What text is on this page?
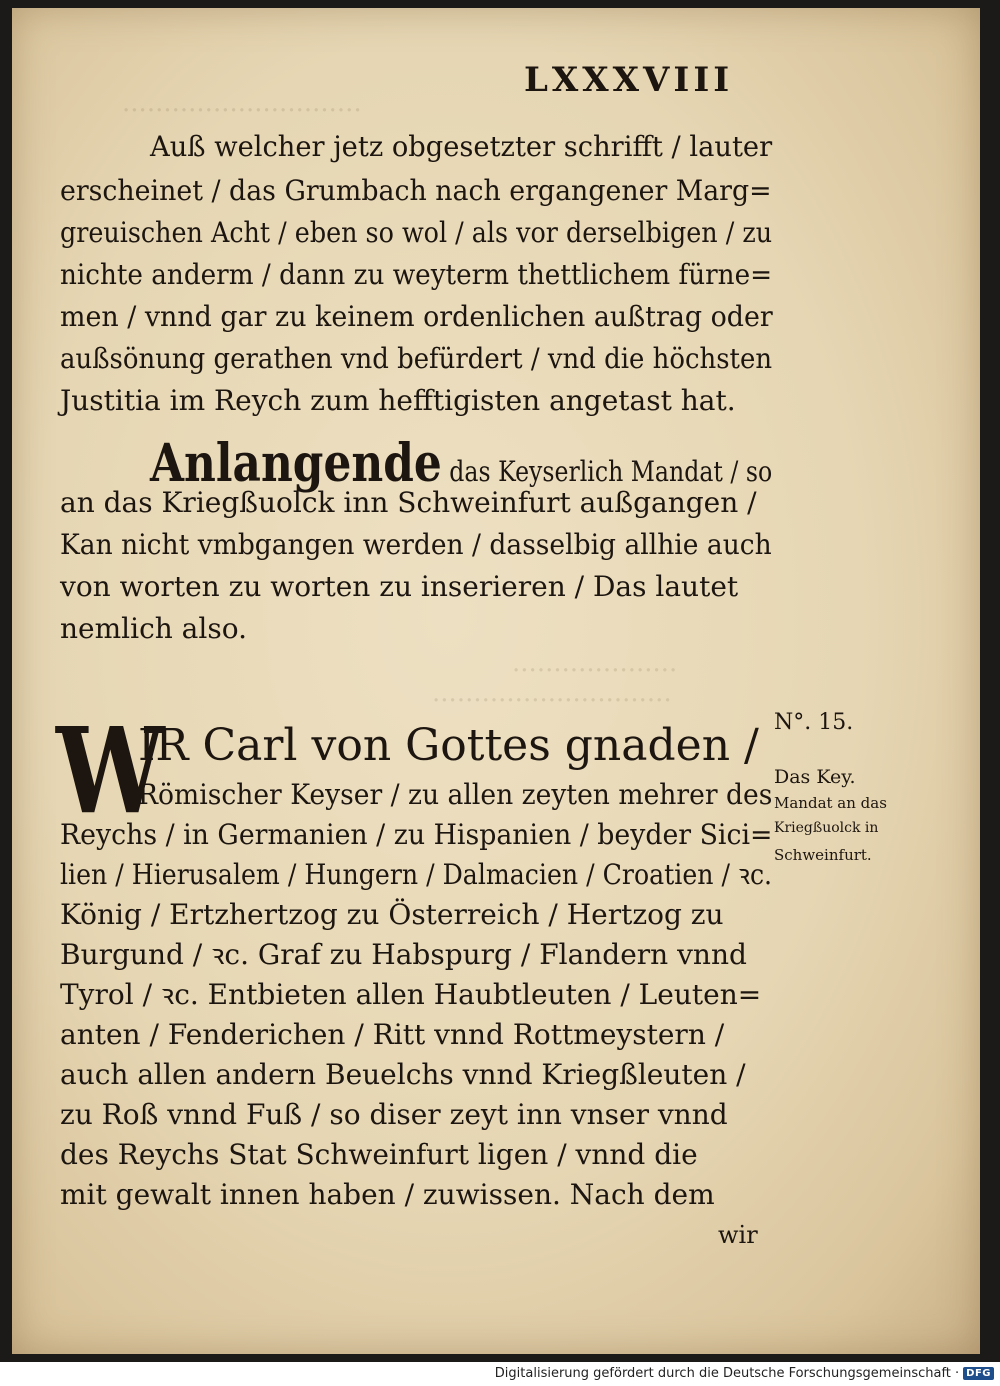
.............................
....................
.............................
LXXXVIII
Auß welcher jetz obgesetzter schrifft / lauter
erscheinet / das Grumbach nach ergangener Marg=
greuischen Acht / eben so wol / als vor derselbigen / zu
nichte anderm / dann zu weyterm thettlichem fürne=
men / vnnd gar zu keinem ordenlichen außtrag oder
außsönung gerathen vnd befürdert / vnd die höchsten
Justitia im Reych zum hefftigisten angetast hat.
Anlangende das Keyserlich Mandat / so
an das Kriegßuolck inn Schweinfurt außgangen /
Kan nicht vmbgangen werden / dasselbig allhie auch
von worten zu worten zu inserieren / Das lautet
nemlich also.
W
IR Carl von Gottes gnaden /
Römischer Keyser / zu allen zeyten mehrer des
Reychs / in Germanien / zu Hispanien / beyder Sici=
lien / Hierusalem / Hungern / Dalmacien / Croatien / ꝛc.
König / Ertzhertzog zu Österreich / Hertzog zu
Burgund / ꝛc. Graf zu Habspurg / Flandern vnnd
Tyrol / ꝛc. Entbieten allen Haubtleuten / Leuten=
anten / Fenderichen / Ritt vnnd Rottmeystern /
auch allen andern Beuelchs vnnd Kriegßleuten /
zu Roß vnnd Fuß / so diser zeyt inn vnser vnnd
des Reychs Stat Schweinfurt ligen / vnnd die
mit gewalt innen haben / zuwissen. Nach dem
wir
N°. 15.
Das Key.
Mandat an das
Kriegßuolck in
Schweinfurt.
Digitalisierung gefördert durch die Deutsche Forschungsgemeinschaft · DFG
